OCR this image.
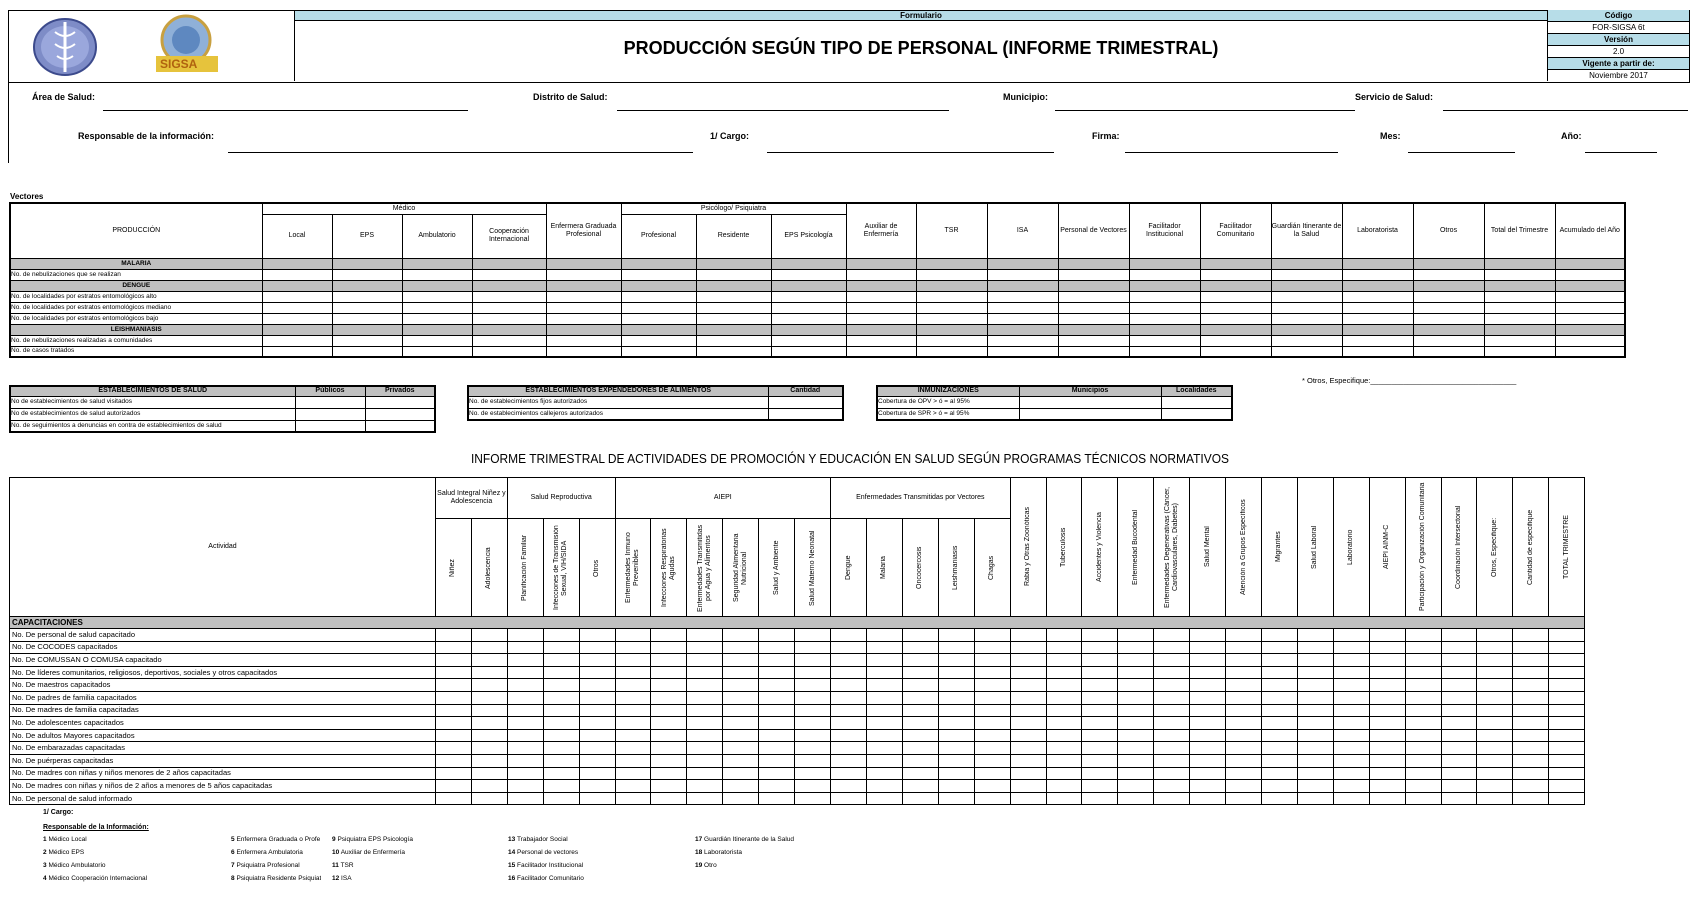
SIGSA
Formulario
PRODUCCIÓN SEGÚN TIPO DE PERSONAL (INFORME TRIMESTRAL)
Código
FOR-SIGSA 6t
Versión
2.0
Vigente a partir de:
Noviembre 2017
Área de Salud:	Distrito de Salud:	Municipio:	Servicio de Salud:
Responsable de la información:	1/ Cargo:	Firma:	Mes:	Año:
Vectores
PRODUCCIÓN	Médico				Enfermera Graduada Profesional	Psicólogo/ Psiquiatra			Auxiliar de Enfermería	TSR	ISA	Personal de Vectores	Facilitador Institucional	Facilitador Comunitario	Guardián Itinerante de la Salud	Laboratorista	Otros	Total del Trimestre	Acumulado del Año
	Local	EPS	Ambulatorio	Cooperación Internacional		Profesional	Residente	EPS Psicología											
MALARIA																			
No. de nebulizaciones que se realizan																			
DENGUE																			
No. de localidades por estratos entomológicos alto																			
No. de localidades por estratos entomológicos mediano																			
No. de localidades por estratos entomológicos bajo																			
LEISHMANIASIS																			
No. de nebulizaciones realizadas a comunidades																			
No. de casos tratados																			
* Otros, Especifique:___________________________________
ESTABLECIMIENTOS DE SALUD	Públicos	Privados
No de establecimientos de salud visitados		
No de establecimientos de salud autorizados		
No. de seguimientos a denuncias en contra de establecimientos de salud		
ESTABLECIMIENTOS EXPENDEDORES DE ALIMENTOS	Cantidad
No. de establecimientos fijos autorizados	
No. de establecimientos callejeros autorizados	
INMUNIZACIONES	Municipios	Localidades
Cobertura de OPV > ó = al 95%		
Cobertura de SPR > ó = al 95%		
INFORME TRIMESTRAL DE ACTIVIDADES DE PROMOCIÓN Y EDUCACIÓN EN SALUD SEGÚN PROGRAMAS TÉCNICOS NORMATIVOS
Actividad	Salud Integral Niñez y Adolescencia		Salud Reproductiva			AIEPI						Enfermedades Transmitidas por Vectores					Rabia y Otras Zoonóticas	Tuberculosis	Accidentes y Violencia	Enfermedad Bucodental	Enfermedades Degenerativas (Cáncer, Cardiovasculares, Diabetes)	Salud Mental	Atención a Grupos Específicos	Migrantes	Salud Laboral	Laboratorio	AIEPI AINM-C	Participación y Organización Comunitaria	Coordinación Intersectorial	Otros, Especifique:	Cantidad de especifique	TOTAL TRIMESTRE

	Niñez	Adolescencia	Planificación Familiar	Infecciones de Transmisión Sexual, VIH/SIDA	Otros	Enfermedades Inmuno Prevenibles	Infecciones Respiratorias Agudas	Enfermedades Transmitidas por Agua y Alimentos	Seguridad Alimentaria Nutricional	Salud y Ambiente	Salud Materno Neonatal	Dengue	Malaria	Oncocercosis	Leishmaniasis	Chagas																

CAPACITACIONES																																
No. De personal de salud capacitado																																
No. De COCODES capacitados																																
No. De COMUSSAN O COMUSA capacitado																																
No. De líderes comunitarios, religiosos, deportivos, sociales y otros capacitados																																
No. De maestros capacitados																																
No. De padres de familia capacitados																																
No. De madres de familia capacitadas																																
No. De adolescentes capacitados																																
No. De adultos Mayores capacitados																																
No. De embarazadas capacitadas																																
No. De puérperas capacitadas																																
No. De madres con niñas y niños menores de 2 años capacitadas																																
No. De madres con niñas y niños de 2 años a menores de 5 años capacitadas																																
No. De personal de salud informado																																
1/ Cargo:
Responsable de la Información:
1 Médico Local
2 Médico EPS
3 Médico Ambulatorio
4 Médico Cooperación Internacional
5 Enfermera Graduada o Profe
6 Enfermera Ambulatoria
7 Psiquiatra Profesional
8 Psiquiatra Residente Psiquiat
9 Psiquiatra EPS Psicología
10 Auxiliar de Enfermería
11 TSR
12 ISA
13 Trabajador Social
14 Personal de vectores
15 Facilitador Institucional
16 Facilitador Comunitario
17 Guardián Itinerante de la Salud
18 Laboratorista
19 Otro
